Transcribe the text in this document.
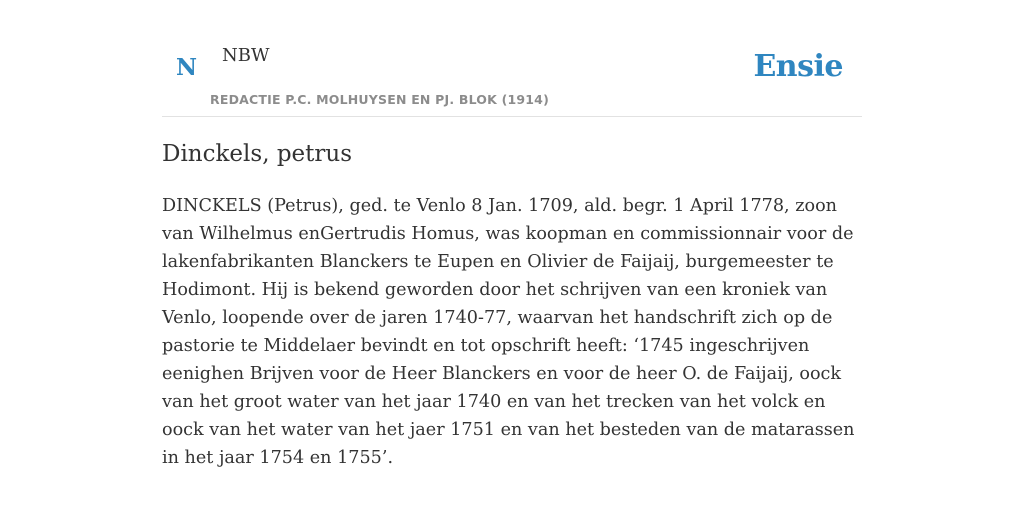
N NBW
REDACTIE P.C. MOLHUYSEN EN PJ. BLOK (1914)
Ensie
Dinckels, petrus

DINCKELS (Petrus), ged. te Venlo 8 Jan. 1709, ald. begr. 1 April 1778, zoon van Wilhelmus enGertrudis Homus, was koopman en commissionnair voor de lakenfabrikanten Blanckers te Eupen en Olivier de Faijaij, burgemeester te Hodimont. Hij is bekend geworden door het schrijven van een kroniek van Venlo, loopende over de jaren 1740-77, waarvan het handschrift zich op de pastorie te Middelaer bevindt en tot opschrift heeft: ‘1745 ingeschrijven eenighen Brijven voor de Heer Blanckers en voor de heer O. de Faijaij, oock van het groot water van het jaar 1740 en van het trecken van het volck en oock van het water van het jaer 1751 en van het besteden van de matarassen in het jaar 1754 en 1755’.
